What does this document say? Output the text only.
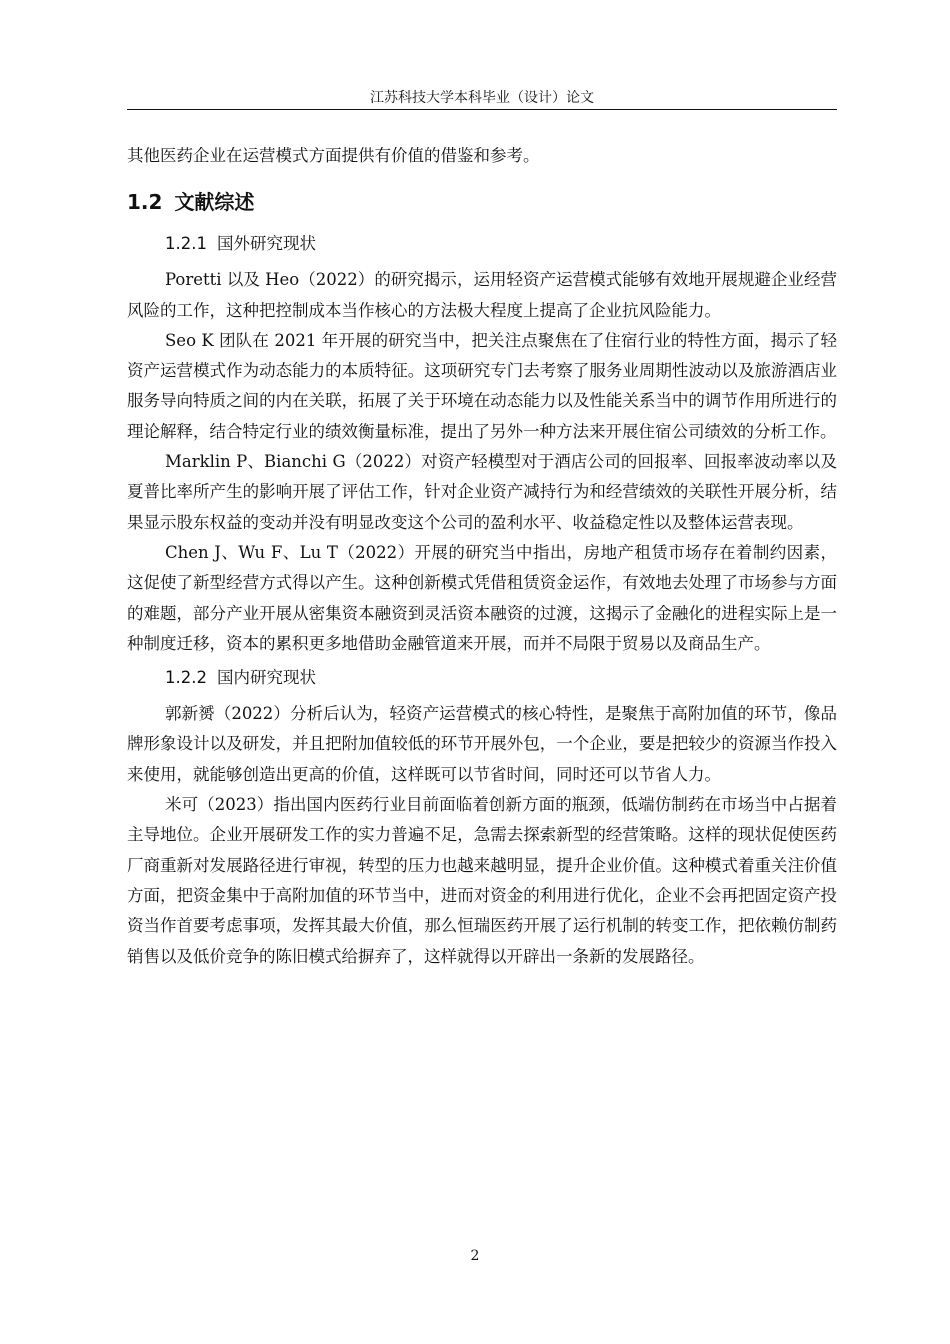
江苏科技大学本科毕业（设计）论文

其他医药企业在运营模式方面提供有价值的借鉴和参考。

1.2 文献综述
1.2.1 国外研究现状

Poretti 以及 Heo（2022）的研究揭示，运用轻资产运营模式能够有效地开展规避企业经营风险的工作，这种把控制成本当作核心的方法极大程度上提高了企业抗风险能力。

Seo K 团队在 2021 年开展的研究当中，把关注点聚焦在了住宿行业的特性方面，揭示了轻资产运营模式作为动态能力的本质特征。这项研究专门去考察了服务业周期性波动以及旅游酒店业服务导向特质之间的内在关联，拓展了关于环境在动态能力以及性能关系当中的调节作用所进行的理论解释，结合特定行业的绩效衡量标准，提出了另外一种方法来开展住宿公司绩效的分析工作。

Marklin P、Bianchi G（2022）对资产轻模型对于酒店公司的回报率、回报率波动率以及夏普比率所产生的影响开展了评估工作，针对企业资产减持行为和经营绩效的关联性开展分析，结果显示股东权益的变动并没有明显改变这个公司的盈利水平、收益稳定性以及整体运营表现。

Chen J、Wu F、Lu T（2022）开展的研究当中指出，房地产租赁市场存在着制约因素，这促使了新型经营方式得以产生。这种创新模式凭借租赁资金运作，有效地去处理了市场参与方面的难题，部分产业开展从密集资本融资到灵活资本融资的过渡，这揭示了金融化的进程实际上是一种制度迁移，资本的累积更多地借助金融管道来开展，而并不局限于贸易以及商品生产。

1.2.2 国内研究现状

郭新赟（2022）分析后认为，轻资产运营模式的核心特性，是聚焦于高附加值的环节，像品牌形象设计以及研发，并且把附加值较低的环节开展外包，一个企业，要是把较少的资源当作投入来使用，就能够创造出更高的价值，这样既可以节省时间，同时还可以节省人力。

米可（2023）指出国内医药行业目前面临着创新方面的瓶颈，低端仿制药在市场当中占据着主导地位。企业开展研发工作的实力普遍不足，急需去探索新型的经营策略。这样的现状促使医药厂商重新对发展路径进行审视，转型的压力也越来越明显，提升企业价值。这种模式着重关注价值方面，把资金集中于高附加值的环节当中，进而对资金的利用进行优化，企业不会再把固定资产投资当作首要考虑事项，发挥其最大价值，那么恒瑞医药开展了运行机制的转变工作，把依赖仿制药销售以及低价竞争的陈旧模式给摒弃了，这样就得以开辟出一条新的发展路径。

2
